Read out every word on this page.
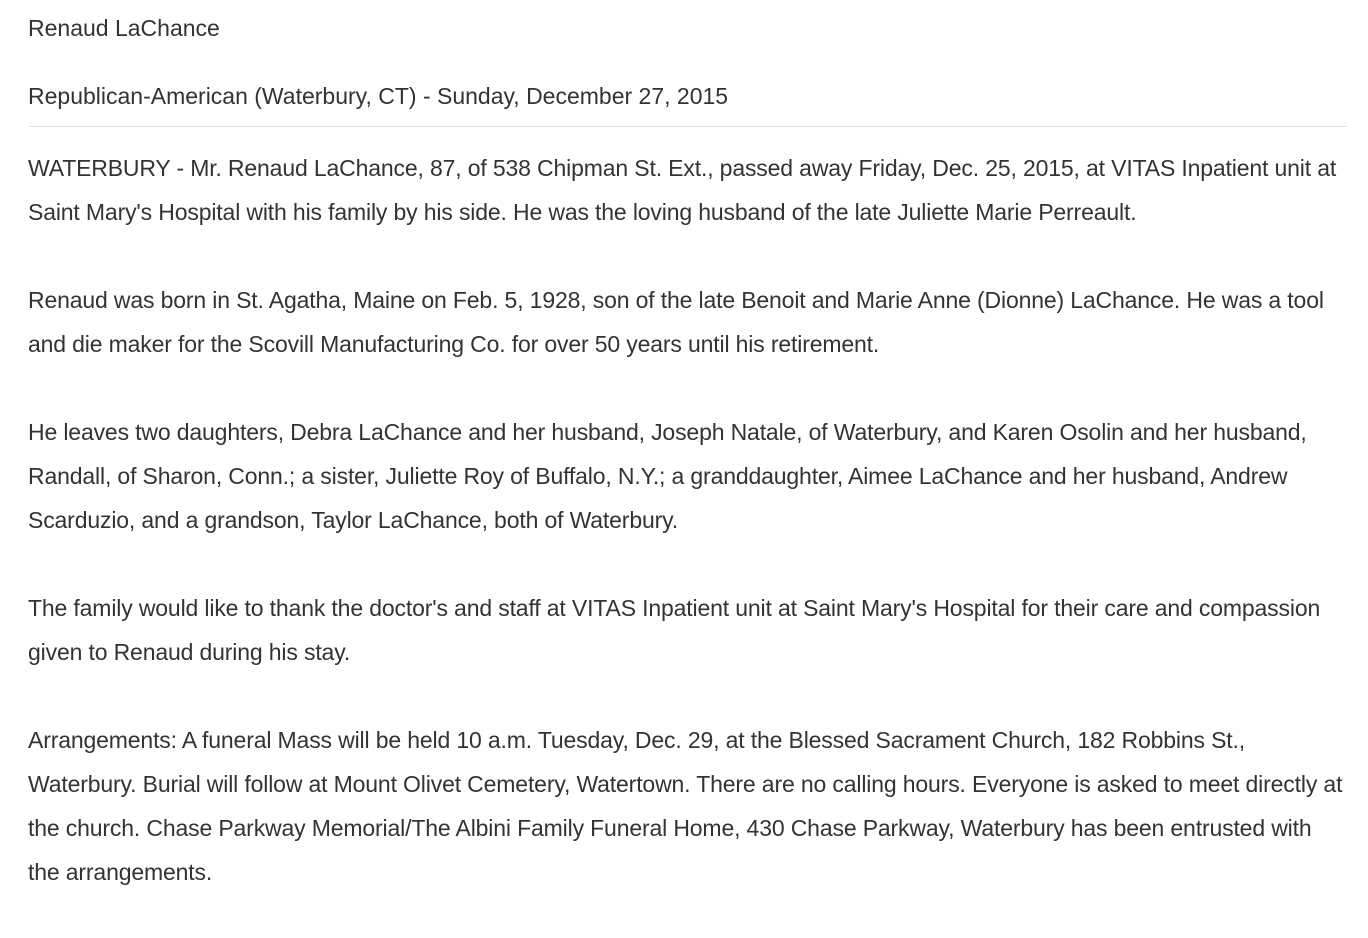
Renaud LaChance
Republican-American (Waterbury, CT) - Sunday, December 27, 2015

WATERBURY - Mr. Renaud LaChance, 87, of 538 Chipman St. Ext., passed away Friday, Dec. 25, 2015, at VITAS Inpatient unit at Saint Mary's Hospital with his family by his side. He was the loving husband of the late Juliette Marie Perreault.

Renaud was born in St. Agatha, Maine on Feb. 5, 1928, son of the late Benoit and Marie Anne (Dionne) LaChance. He was a tool and die maker for the Scovill Manufacturing Co. for over 50 years until his retirement.

He leaves two daughters, Debra LaChance and her husband, Joseph Natale, of Waterbury, and Karen Osolin and her husband, Randall, of Sharon, Conn.; a sister, Juliette Roy of Buffalo, N.Y.; a granddaughter, Aimee LaChance and her husband, Andrew Scarduzio, and a grandson, Taylor LaChance, both of Waterbury.

The family would like to thank the doctor's and staff at VITAS Inpatient unit at Saint Mary's Hospital for their care and compassion given to Renaud during his stay.

Arrangements: A funeral Mass will be held 10 a.m. Tuesday, Dec. 29, at the Blessed Sacrament Church, 182 Robbins St., Waterbury. Burial will follow at Mount Olivet Cemetery, Watertown. There are no calling hours. Everyone is asked to meet directly at the church. Chase Parkway Memorial/The Albini Family Funeral Home, 430 Chase Parkway, Waterbury has been entrusted with the arrangements.
